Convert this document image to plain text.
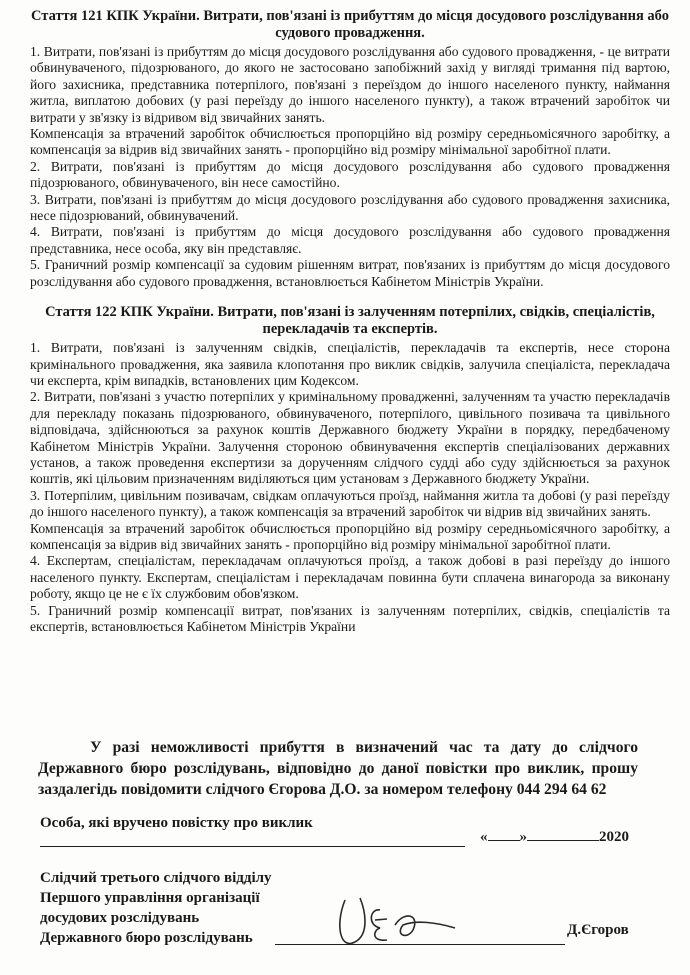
Стаття 121 КПК України. Витрати, пов'язані із прибуттям до місця досудового розслідування або судового провадження.

1. Витрати, пов'язані із прибуттям до місця досудового розслідування або судового провадження, - це витрати обвинуваченого, підозрюваного, до якого не застосовано запобіжний захід у вигляді тримання під вартою, його захисника, представника потерпілого, пов'язані з переїздом до іншого населеного пункту, наймання житла, виплатою добових (у разі переїзду до іншого населеного пункту), а також втрачений заробіток чи витрати у зв'язку із відривом від звичайних занять.

Компенсація за втрачений заробіток обчислюється пропорційно від розміру середньомісячного заробітку, а компенсація за відрив від звичайних занять - пропорційно від розміру мінімальної заробітної плати.

2. Витрати, пов'язані із прибуттям до місця досудового розслідування або судового провадження підозрюваного, обвинуваченого, він несе самостійно.

3. Витрати, пов'язані із прибуттям до місця досудового розслідування або судового провадження захисника, несе підозрюваний, обвинувачений.

4. Витрати, пов'язані із прибуттям до місця досудового розслідування або судового провадження представника, несе особа, яку він представляє.

5. Граничний розмір компенсації за судовим рішенням витрат, пов'язаних із прибуттям до місця досудового розслідування або судового провадження, встановлюється Кабінетом Міністрів України.

Стаття 122 КПК України. Витрати, пов'язані із залученням потерпілих, свідків, спеціалістів, перекладачів та експертів.

1. Витрати, пов'язані із залученням свідків, спеціалістів, перекладачів та експертів, несе сторона кримінального провадження, яка заявила клопотання про виклик свідків, залучила спеціаліста, перекладача чи експерта, крім випадків, встановлених цим Кодексом.

2. Витрати, пов'язані з участю потерпілих у кримінальному провадженні, залученням та участю перекладачів для перекладу показань підозрюваного, обвинуваченого, потерпілого, цивільного позивача та цивільного відповідача, здійснюються за рахунок коштів Державного бюджету України в порядку, передбаченому Кабінетом Міністрів України. Залучення стороною обвинувачення експертів спеціалізованих державних установ, а також проведення експертизи за дорученням слідчого судді або суду здійснюється за рахунок коштів, які цільовим призначенням виділяються цим установам з Державного бюджету України.

3. Потерпілим, цивільним позивачам, свідкам оплачуються проїзд, наймання житла та добові (у разі переїзду до іншого населеного пункту), а також компенсація за втрачений заробіток чи відрив від звичайних занять.

Компенсація за втрачений заробіток обчислюється пропорційно від розміру середньомісячного заробітку, а компенсація за відрив від звичайних занять - пропорційно від розміру мінімальної заробітної плати.

4. Експертам, спеціалістам, перекладачам оплачуються проїзд, а також добові в разі переїзду до іншого населеного пункту. Експертам, спеціалістам і перекладачам повинна бути сплачена винагорода за виконану роботу, якщо це не є їх службовим обов'язком.

5. Граничний розмір компенсації витрат, пов'язаних із залученням потерпілих, свідків, спеціалістів та експертів, встановлюється Кабінетом Міністрів України

У разі неможливості прибуття в визначений час та дату до слідчого Державного бюро розслідувань, відповідно до даної повістки про виклик, прошу заздалегідь повідомити слідчого Єгорова Д.О. за номером телефону 044 294 64 62

Особа, які вручено повістку про виклик
« »	2020
Слідчий третього слідчого відділу
Першого управління організації
досудових розслідувань
Державного бюро розслідувань	Д.Єгоров
